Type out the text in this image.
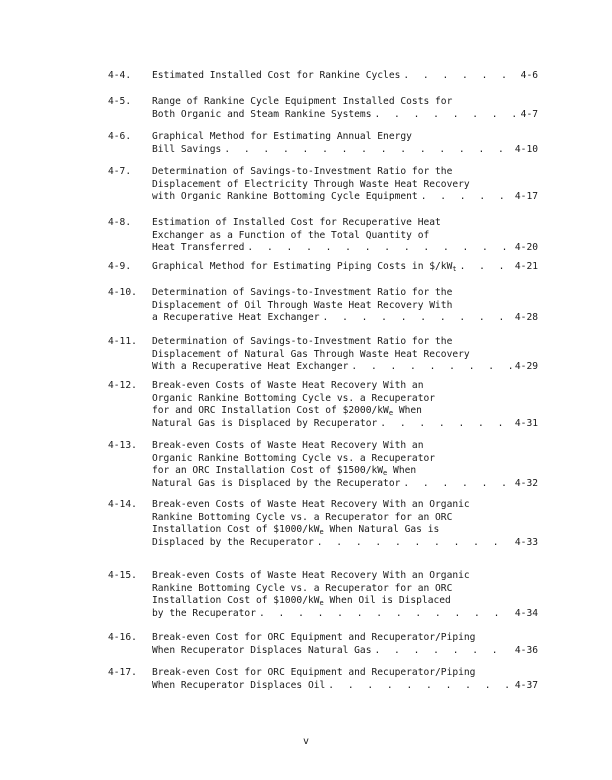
4-4. Estimated Installed Cost for Rankine Cycles . . .	4-6
4-5. Range of Rankine Cycle Equipment Installed Costs for
Both Organic and Steam Rankine Systems . . .	4-7
4-6. Graphical Method for Estimating Annual Energy
Bill Savings . . .	4-10
4-7. Determination of Savings-to-Investment Ratio for the
Displacement of Electricity Through Waste Heat Recovery
with Organic Rankine Bottoming Cycle Equipment . . .	4-17
4-8. Estimation of Installed Cost for Recuperative Heat
Exchanger as a Function of the Total Quantity of
Heat Transferred . . .	4-20
4-9. Graphical Method for Estimating Piping Costs in $\$/kW_t$ . . .	4-21
4-10. Determination of Savings-to-Investment Ratio for the
Displacement of Oil Through Waste Heat Recovery With
a Recuperative Heat Exchanger . . .	4-28
4-11. Determination of Savings-to-Investment Ratio for the
Displacement of Natural Gas Through Waste Heat Recovery
With a Recuperative Heat Exchanger . . .	4-29
4-12. Break-even Costs of Waste Heat Recovery With an
Organic Rankine Bottoming Cycle vs. a Recuperator
for and ORC Installation Cost of $\$2000/kW_e$ When
Natural Gas is Displaced by Recuperator . . .	4-31
4-13. Break-even Costs of Waste Heat Recovery With an
Organic Rankine Bottoming Cycle vs. a Recuperator
for an ORC Installation Cost of $\$1500/kW_e$ When
Natural Gas is Displaced by the Recuperator . . .	4-32
4-14. Break-even Costs of Waste Heat Recovery With an Organic
Rankine Bottoming Cycle vs. a Recuperator for an ORC
Installation Cost of $\$1000/kW_e$ When Natural Gas is
Displaced by the Recuperator . . .	4-33
4-15. Break-even Costs of Waste Heat Recovery With an Organic
Rankine Bottoming Cycle vs. a Recuperator for an ORC
Installation Cost of $\$1000/kW_e$ When Oil is Displaced
by the Recuperator . . .	4-34
4-16. Break-even Cost for ORC Equipment and Recuperator/Piping
When Recuperator Displaces Natural Gas . . .	4-36
4-17. Break-even Cost for ORC Equipment and Recuperator/Piping
When Recuperator Displaces Oil . . .	4-37
v
